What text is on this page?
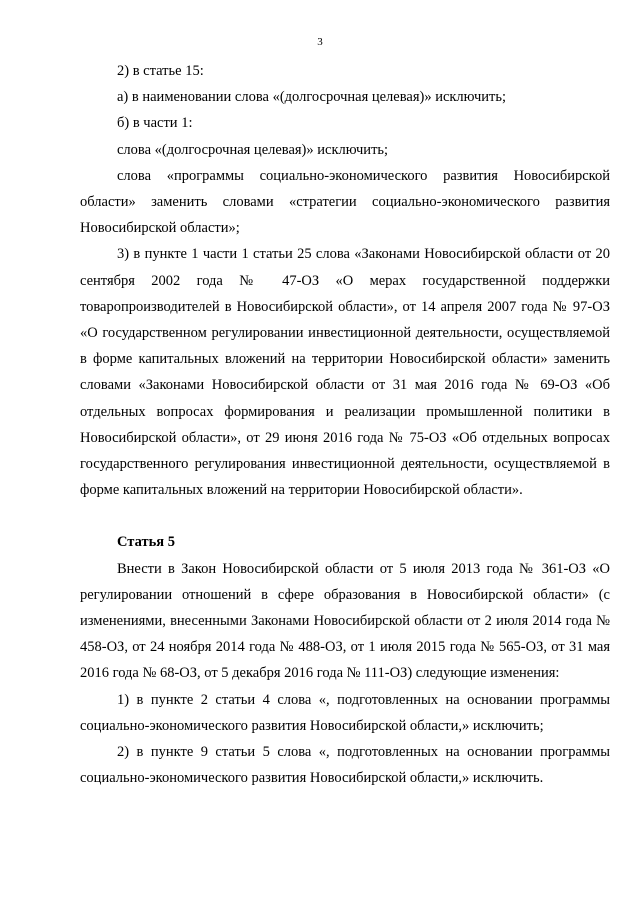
3

2) в статье 15:

а) в наименовании слова «(долгосрочная целевая)» исключить;

б) в части 1:

слова «(долгосрочная целевая)» исключить;

слова «программы социально-экономического развития Новосибирской области» заменить словами «стратегии социально-экономического развития Новосибирской области»;

3) в пункте 1 части 1 статьи 25 слова «Законами Новосибирской области от 20 сентября 2002 года № 47-ОЗ «О мерах государственной поддержки товаропроизводителей в Новосибирской области», от 14 апреля 2007 года № 97-ОЗ «О государственном регулировании инвестиционной деятельности, осуществляемой в форме капитальных вложений на территории Новосибирской области» заменить словами «Законами Новосибирской области от 31 мая 2016 года № 69-ОЗ «Об отдельных вопросах формирования и реализации промышленной политики в Новосибирской области», от 29 июня 2016 года № 75-ОЗ «Об отдельных вопросах государственного регулирования инвестиционной деятельности, осуществляемой в форме капитальных вложений на территории Новосибирской области».

Статья 5

Внести в Закон Новосибирской области от 5 июля 2013 года № 361-ОЗ «О регулировании отношений в сфере образования в Новосибирской области» (с изменениями, внесенными Законами Новосибирской области от 2 июля 2014 года № 458-ОЗ, от 24 ноября 2014 года № 488-ОЗ, от 1 июля 2015 года № 565-ОЗ, от 31 мая 2016 года № 68-ОЗ, от 5 декабря 2016 года № 111-ОЗ) следующие изменения:

1) в пункте 2 статьи 4 слова «, подготовленных на основании программы социально-экономического развития Новосибирской области,» исключить;

2) в пункте 9 статьи 5 слова «, подготовленных на основании программы социально-экономического развития Новосибирской области,» исключить.
